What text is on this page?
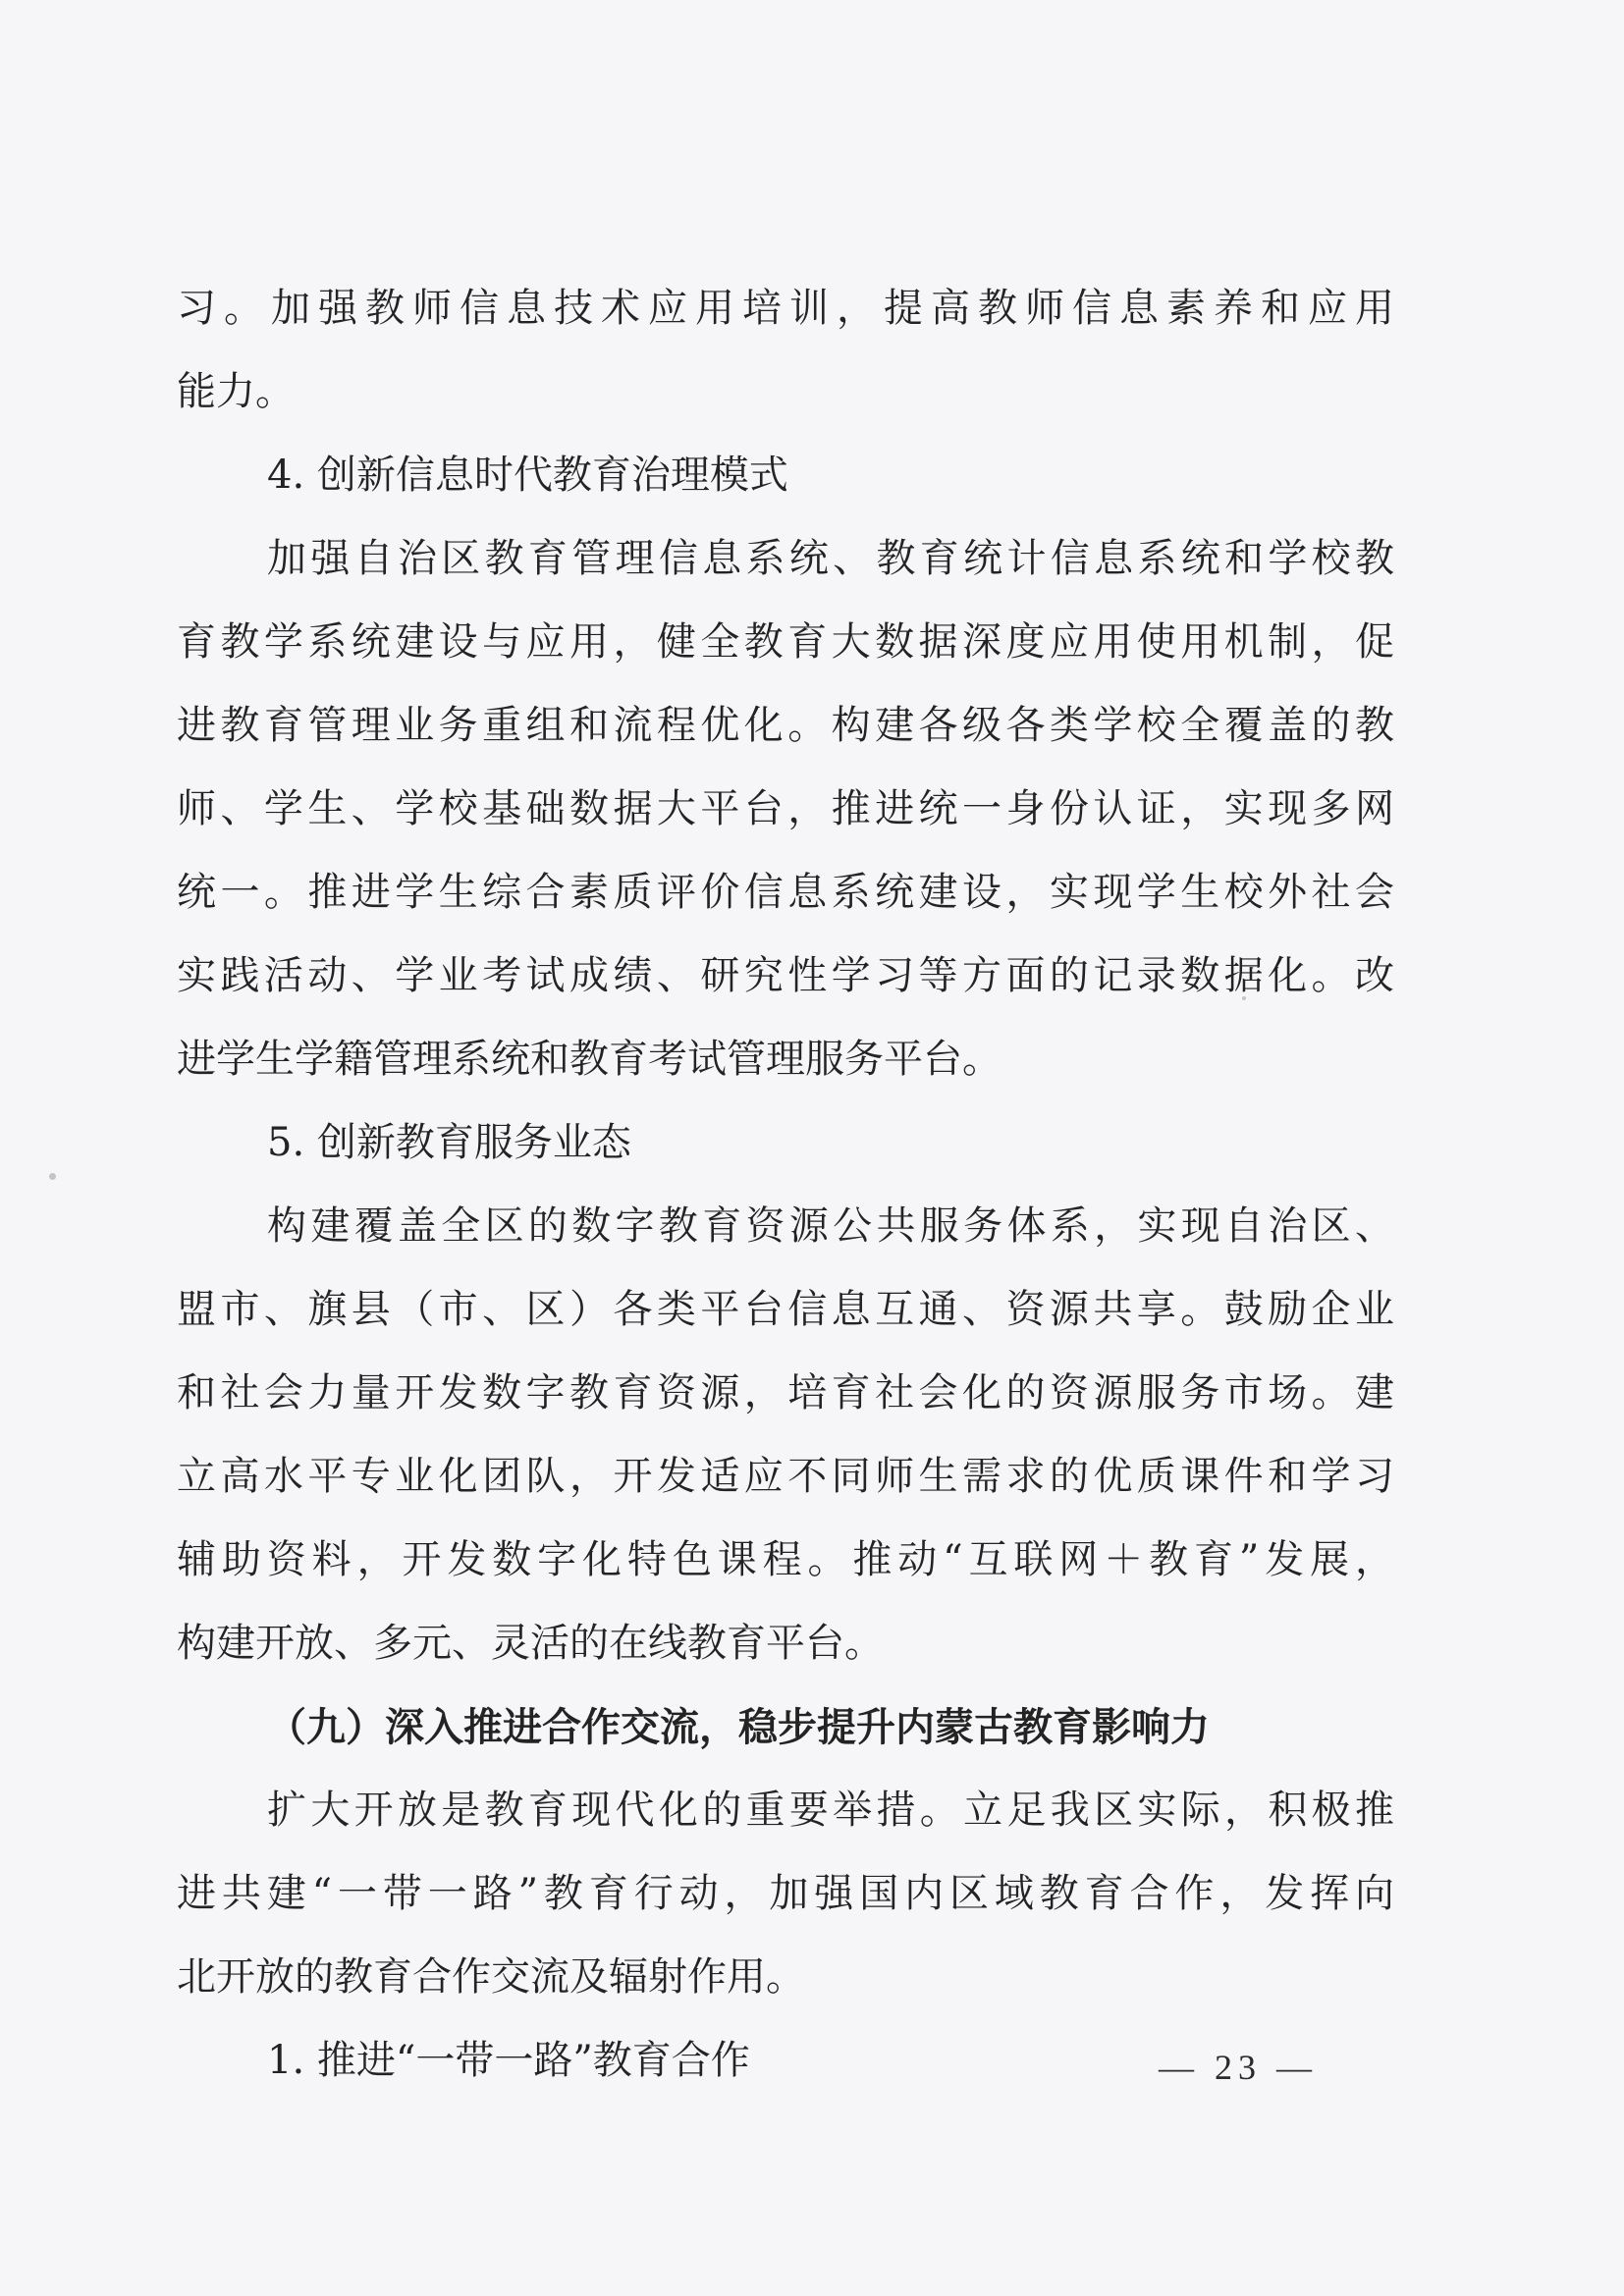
习。加强教师信息技术应用培训，提高教师信息素养和应用
能力。
4. 创新信息时代教育治理模式
加强自治区教育管理信息系统、教育统计信息系统和学校教
育教学系统建设与应用，健全教育大数据深度应用使用机制，促
进教育管理业务重组和流程优化。构建各级各类学校全覆盖的教
师、学生、学校基础数据大平台，推进统一身份认证，实现多网
统一。推进学生综合素质评价信息系统建设，实现学生校外社会
实践活动、学业考试成绩、研究性学习等方面的记录数据化。改
进学生学籍管理系统和教育考试管理服务平台。
5. 创新教育服务业态
构建覆盖全区的数字教育资源公共服务体系，实现自治区、
盟市、旗县（市、区）各类平台信息互通、资源共享。鼓励企业
和社会力量开发数字教育资源，培育社会化的资源服务市场。建
立高水平专业化团队，开发适应不同师生需求的优质课件和学习
辅助资料，开发数字化特色课程。推动“互联网＋教育”发展，
构建开放、多元、灵活的在线教育平台。
（九）深入推进合作交流，稳步提升内蒙古教育影响力
扩大开放是教育现代化的重要举措。立足我区实际，积极推
进共建“一带一路”教育行动，加强国内区域教育合作，发挥向
北开放的教育合作交流及辐射作用。
1. 推进“一带一路”教育合作	— 23 —
